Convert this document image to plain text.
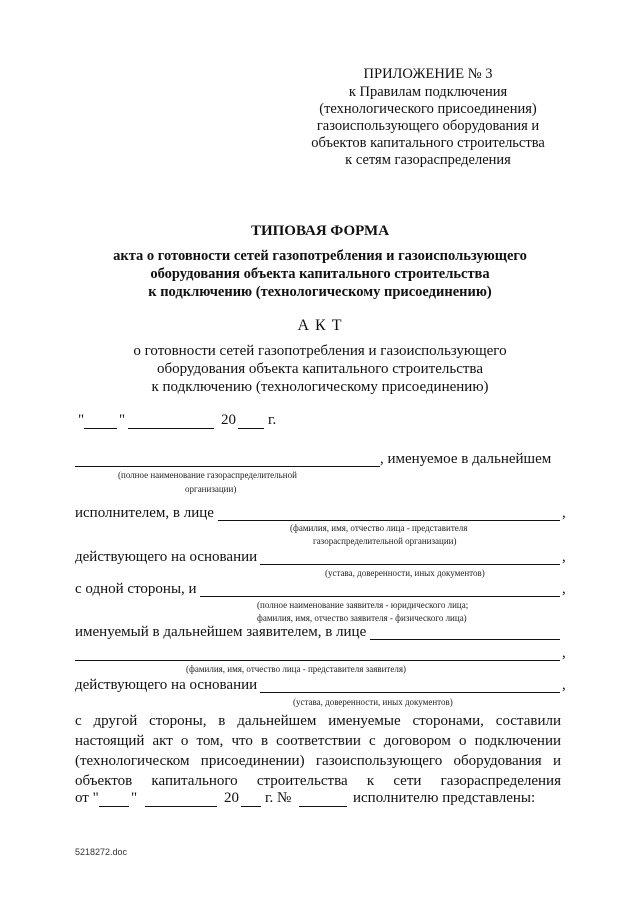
ПРИЛОЖЕНИЕ № 3
к Правилам подключения
(технологического присоединения)
газоиспользующего оборудования и
объектов капитального строительства
к сетям газораспределения
ТИПОВАЯ ФОРМА
акта о готовности сетей газопотребления и газоиспользующего
оборудования объекта капитального строительства
к подключению (технологическому присоединению)
А К Т
о готовности сетей газопотребления и газоиспользующего
оборудования объекта капитального строительства
к подключению (технологическому присоединению)
" "	20 г.
, именуемое в дальнейшем
(полное наименование газораспределительной
организации)
исполнителем, в лице	,
(фамилия, имя, отчество лица - представителя
газораспределительной организации)
действующего на основании	,
(устава, доверенности, иных документов)
с одной стороны, и	,
(полное наименование заявителя - юридического лица;
фамилия, имя, отчество заявителя - физического лица)
именуемый в дальнейшем заявителем, в лице
,
(фамилия, имя, отчество лица - представителя заявителя)
действующего на основании	,
(устава, доверенности, иных документов)
с другой стороны, в дальнейшем именуемые сторонами, составили
настоящий акт о том, что в соответствии с договором о подключении
(технологическом присоединении) газоиспользующего оборудования и
объектов капитального строительства к сети газораспределения
от " "	20 г. №	исполнителю представлены:
5218272.doc
